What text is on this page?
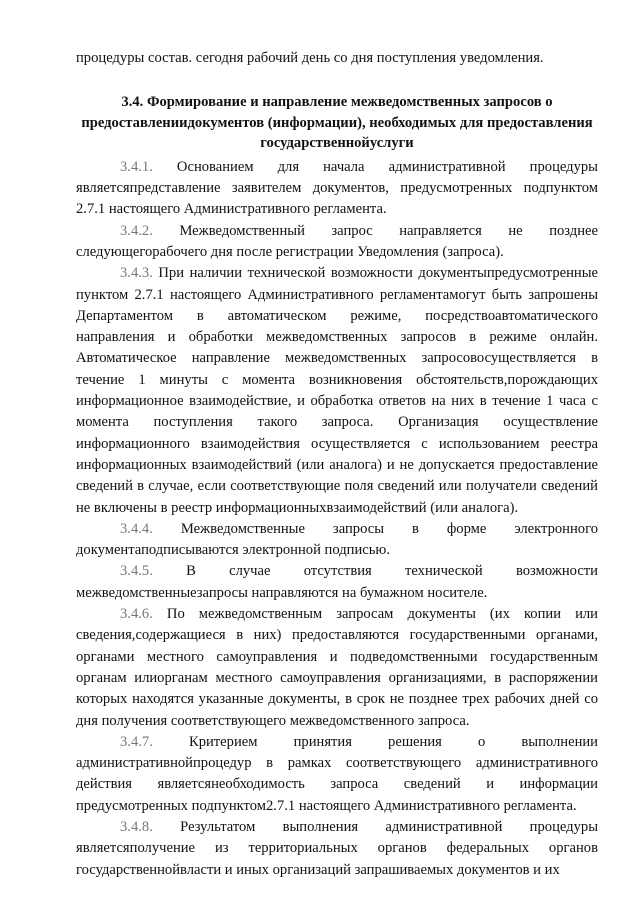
процедуры состав. сегодня рабочий день со дня поступления уведомления.

3.4. Формирование и направление межведомственных запросов о предоставлениидокументов (информации), необходимых для предоставления государственнойуслуги

3.4.1. Основанием для начала административной процедуры являетсяпредставление заявителем документов, предусмотренных подпунктом 2.7.1 настоящего Административного регламента.

3.4.2. Межведомственный запрос направляется не позднее следующегорабочего дня после регистрации Уведомления (запроса).

3.4.3. При наличии технической возможности документыпредусмотренные пунктом 2.7.1 настоящего Административного регламентамогут быть запрошены Департаментом в автоматическом режиме, посредствоавтоматического направления и обработки межведомственных запросов в режиме онлайн. Автоматическое направление межведомственных запросовосуществляется в течение 1 минуты с момента возникновения обстоятельств,порождающих информационное взаимодействие, и обработка ответов на них в течение 1 часа с момента поступления такого запроса. Организация осуществление информационного взаимодействия осуществляется с использованием реестра информационных взаимодействий (или аналога) и не допускается предоставление сведений в случае, если соответствующие поля сведений или получатели сведений не включены в реестр информационныхвзаимодействий (или аналога).

3.4.4. Межведомственные запросы в форме электронного документаподписываются электронной подписью.

3.4.5. В случае отсутствия технической возможности межведомственныезапросы направляются на бумажном носителе.

3.4.6. По межведомственным запросам документы (их копии или сведения,содержащиеся в них) предоставляются государственными органами, органами местного самоуправления и подведомственными государственным органам илиорганам местного самоуправления организациями, в распоряжении которых находятся указанные документы, в срок не позднее трех рабочих дней со дня получения соответствующего межведомственного запроса.

3.4.7. Критерием принятия решения о выполнении административнойпроцедур в рамках соответствующего административного действия являетсянеобходимость запроса сведений и информации предусмотренных подпунктом2.7.1 настоящего Административного регламента.

3.4.8. Результатом выполнения административной процедуры являетсяполучение из территориальных органов федеральных органов государственнойвласти и иных организаций запрашиваемых документов и их
